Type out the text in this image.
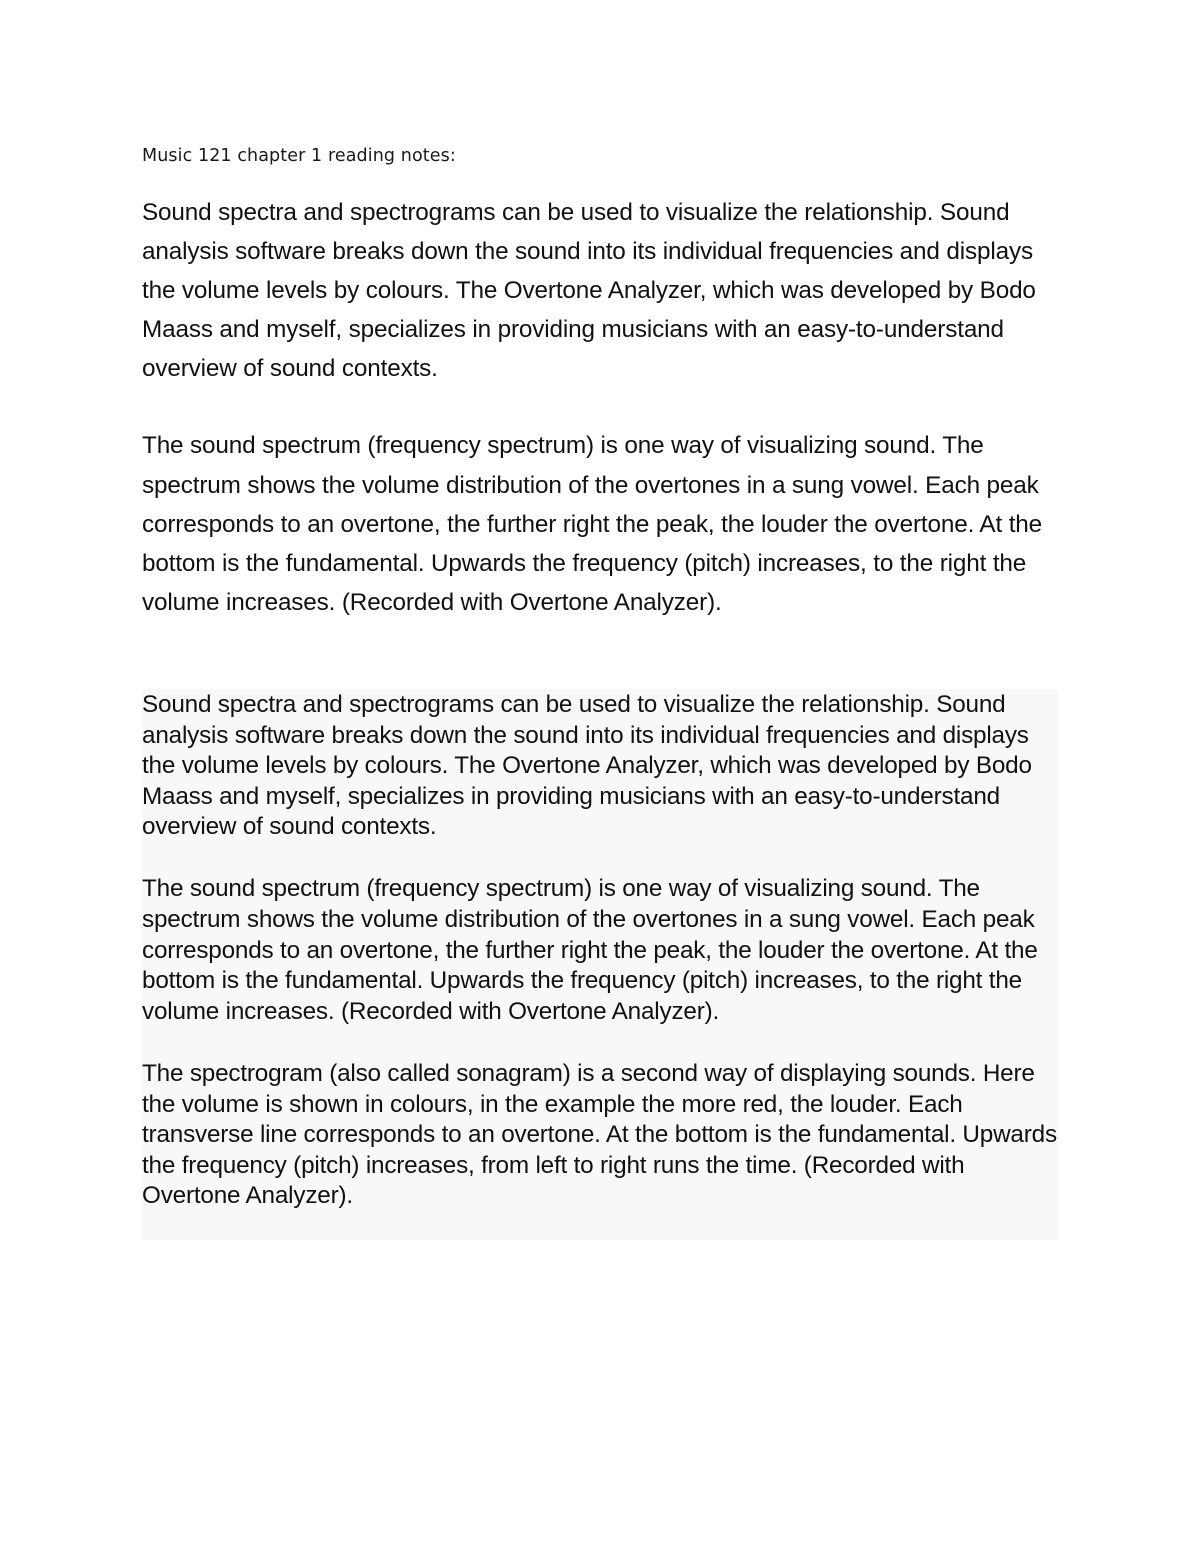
Music 121 chapter 1 reading notes:

Sound spectra and spectrograms can be used to visualize the relationship. Sound analysis software breaks down the sound into its individual frequencies and displays the volume levels by colours. The Overtone Analyzer, which was developed by Bodo Maass and myself, specializes in providing musicians with an easy-to-understand overview of sound contexts.

The sound spectrum (frequency spectrum) is one way of visualizing sound. The spectrum shows the volume distribution of the overtones in a sung vowel. Each peak corresponds to an overtone, the further right the peak, the louder the overtone. At the bottom is the fundamental. Upwards the frequency (pitch) increases, to the right the volume increases. (Recorded with Overtone Analyzer).

Sound spectra and spectrograms can be used to visualize the relationship. Sound analysis software breaks down the sound into its individual frequencies and displays the volume levels by colours. The Overtone Analyzer, which was developed by Bodo Maass and myself, specializes in providing musicians with an easy-to-understand overview of sound contexts.

The sound spectrum (frequency spectrum) is one way of visualizing sound. The spectrum shows the volume distribution of the overtones in a sung vowel. Each peak corresponds to an overtone, the further right the peak, the louder the overtone. At the bottom is the fundamental. Upwards the frequency (pitch) increases, to the right the volume increases. (Recorded with Overtone Analyzer).

The spectrogram (also called sonagram) is a second way of displaying sounds. Here the volume is shown in colours, in the example the more red, the louder. Each transverse line corresponds to an overtone. At the bottom is the fundamental. Upwards the frequency (pitch) increases, from left to right runs the time. (Recorded with Overtone Analyzer).
